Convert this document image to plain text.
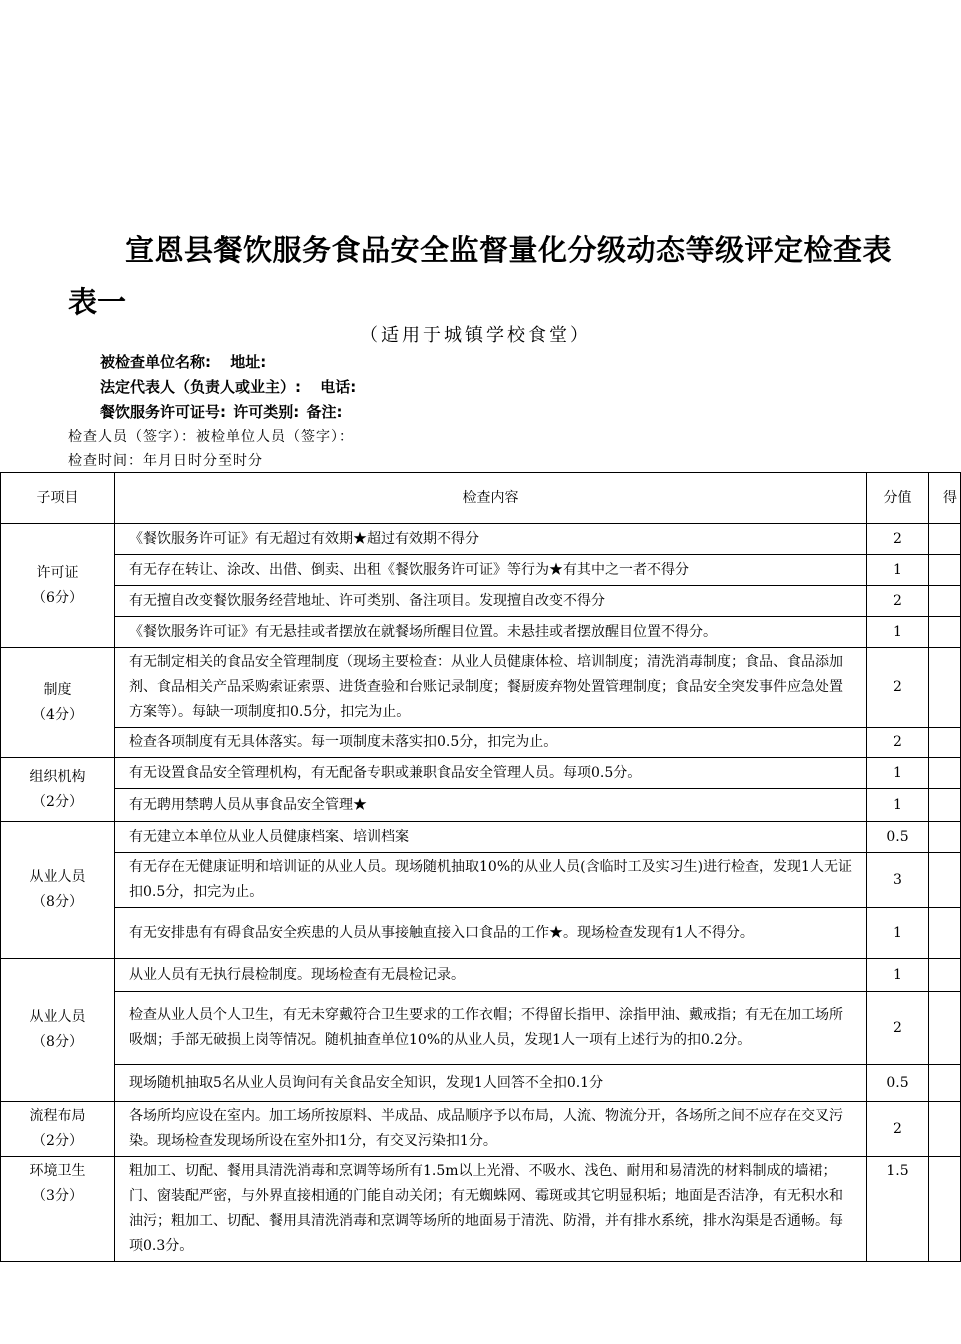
宣恩县餐饮服务食品安全监督量化分级动态等级评定检查表
表一
（适用于城镇学校食堂）
被检查单位名称: 地址:
法定代表人（负责人或业主）: 电话:
餐饮服务许可证号: 许可类别: 备注:
检查人员（签字）：被检单位人员（签字）：
检查时间：年月日时分至时分
子项目	检查内容	分值	得

许可证
（6分）	《餐饮服务许可证》有无超过有效期★超过有效期不得分	2	
	有无存在转让、涂改、出借、倒卖、出租《餐饮服务许可证》等行为★有其中之一者不得分	1	
	有无擅自改变餐饮服务经营地址、许可类别、备注项目。发现擅自改变不得分	2	
	《餐饮服务许可证》有无悬挂或者摆放在就餐场所醒目位置。未悬挂或者摆放醒目位置不得分。	1	

制度
（4分）	有无制定相关的食品安全管理制度（现场主要检查：从业人员健康体检、培训制度；清洗消毒制度；食品、食品添加剂、食品相关产品采购索证索票、进货查验和台账记录制度；餐厨废弃物处置管理制度；食品安全突发事件应急处置方案等）。每缺一项制度扣0.5分，扣完为止。	2	
	检查各项制度有无具体落实。每一项制度未落实扣0.5分，扣完为止。	2	

组织机构
（2分）	有无设置食品安全管理机构，有无配备专职或兼职食品安全管理人员。每项0.5分。	1	
	有无聘用禁聘人员从事食品安全管理★	1	

从业人员
（8分）	有无建立本单位从业人员健康档案、培训档案	0.5	
	有无存在无健康证明和培训证的从业人员。现场随机抽取10%的从业人员(含临时工及实习生)进行检查，发现1人无证扣0.5分，扣完为止。	3	
	有无安排患有有碍食品安全疾患的人员从事接触直接入口食品的工作★。现场检查发现有1人不得分。	1	

从业人员
（8分）	从业人员有无执行晨检制度。现场检查有无晨检记录。	1	
	检查从业人员个人卫生，有无未穿戴符合卫生要求的工作衣帽；不得留长指甲、涂指甲油、戴戒指；有无在加工场所吸烟；手部无破损上岗等情况。随机抽查单位10%的从业人员，发现1人一项有上述行为的扣0.2分。	2	
	现场随机抽取5名从业人员询问有关食品安全知识，发现1人回答不全扣0.1分	0.5	

流程布局
（2分）	各场所均应设在室内。加工场所按原料、半成品、成品顺序予以布局，人流、物流分开，各场所之间不应存在交叉污染。现场检查发现场所设在室外扣1分，有交叉污染扣1分。	2	

环境卫生
（3分）	粗加工、切配、餐用具清洗消毒和烹调等场所有1.5m以上光滑、不吸水、浅色、耐用和易清洗的材料制成的墙裙；门、窗装配严密，与外界直接相通的门能自动关闭；有无蜘蛛网、霉斑或其它明显积垢；地面是否洁净，有无积水和油污；粗加工、切配、餐用具清洗消毒和烹调等场所的地面易于清洗、防滑，并有排水系统，排水沟渠是否通畅。每项0.3分。	1.5	
